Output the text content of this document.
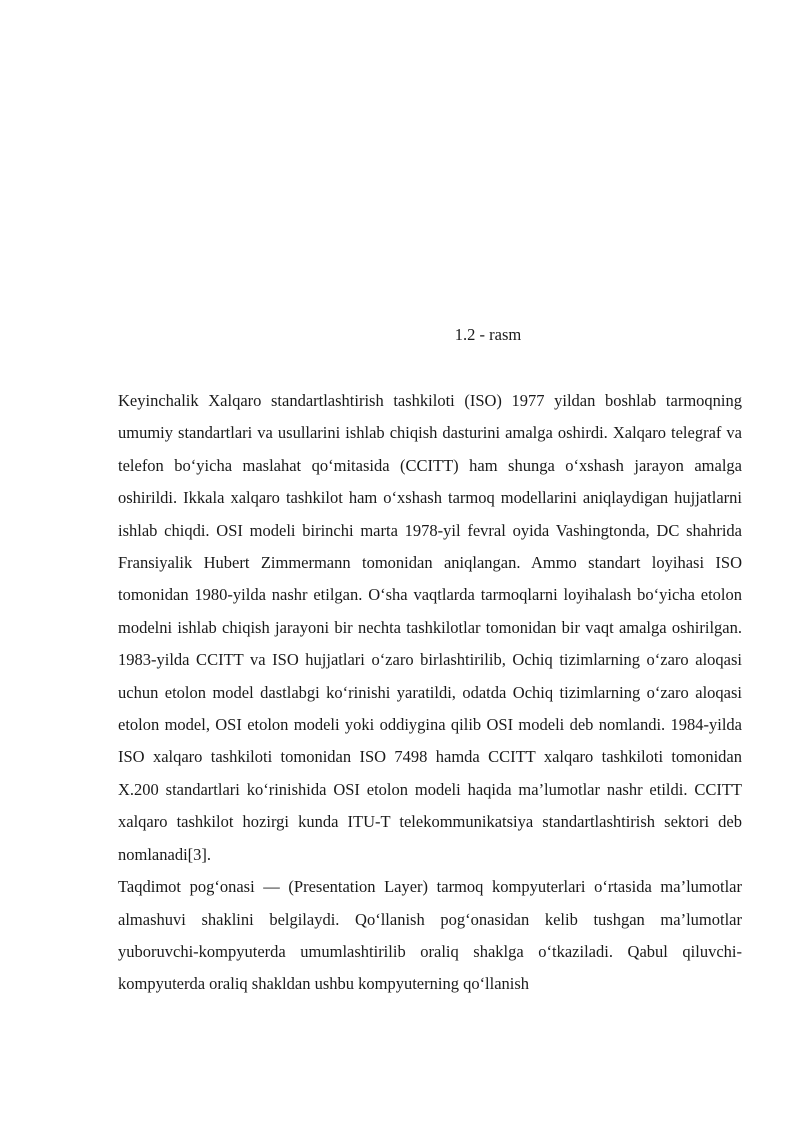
1.2 - rasm

Keyinchalik Xalqaro standartlashtirish tashkiloti (ISO) 1977 yildan boshlab tarmoqning umumiy standartlari va usullarini ishlab chiqish dasturini amalga oshirdi. Xalqaro telegraf va telefon bo‘yicha maslahat qo‘mitasida (CCITT) ham shunga o‘xshash jarayon amalga oshirildi. Ikkala xalqaro tashkilot ham o‘xshash tarmoq modellarini aniqlaydigan hujjatlarni ishlab chiqdi. OSI modeli birinchi marta 1978-yil fevral oyida Vashingtonda, DC shahrida Fransiyalik Hubert Zimmermann tomonidan aniqlangan. Ammo standart loyihasi ISO tomonidan 1980-yilda nashr etilgan. O‘sha vaqtlarda tarmoqlarni loyihalash bo‘yicha etolon modelni ishlab chiqish jarayoni bir nechta tashkilotlar tomonidan bir vaqt amalga oshirilgan. 1983-yilda CCITT va ISO hujjatlari o‘zaro birlashtirilib, Ochiq tizimlarning o‘zaro aloqasi uchun etolon model dastlabgi ko‘rinishi yaratildi, odatda Ochiq tizimlarning o‘zaro aloqasi etolon model, OSI etolon modeli yoki oddiygina qilib OSI modeli deb nomlandi. 1984-yilda ISO xalqaro tashkiloti tomonidan ISO 7498 hamda CCITT xalqaro tashkiloti tomonidan X.200 standartlari ko‘rinishida OSI etolon modeli haqida ma’lumotlar nashr etildi. CCITT xalqaro tashkilot hozirgi kunda ITU-T telekommunikatsiya standartlashtirish sektori deb nomlanadi[3].

Taqdimot pog‘onasi — (Presentation Layer) tarmoq kompyuterlari o‘rtasida ma’lumotlar almashuvi shaklini belgilaydi. Qo‘llanish pog‘onasidan kelib tushgan ma’lumotlar yuboruvchi-kompyuterda umumlashtirilib oraliq shaklga o‘tkaziladi. Qabul qiluvchi-kompyuterda oraliq shakldan ushbu kompyuterning qo‘llanish
